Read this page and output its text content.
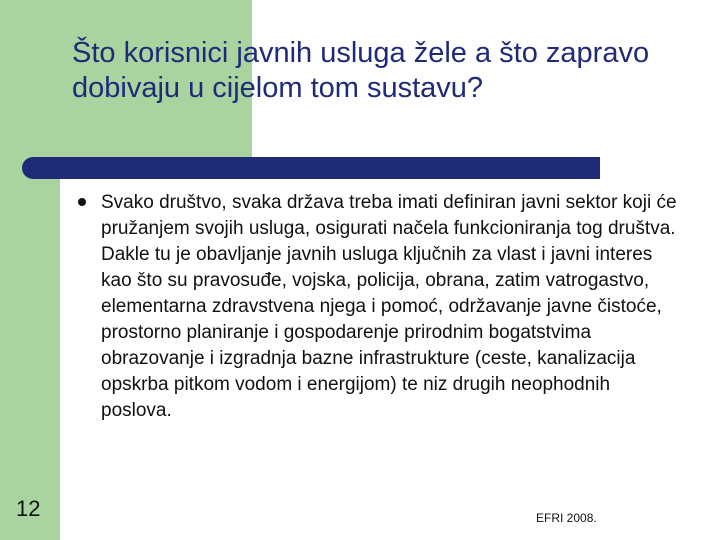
Što korisnici javnih usluga žele a što zapravo dobivaju u cijelom tom sustavu?

Svako društvo, svaka država treba imati definiran javni sektor koji će pružanjem svojih usluga, osigurati načela funkcioniranja tog društva. Dakle tu je obavljanje javnih usluga ključnih za vlast i javni interes kao što su pravosuđe, vojska, policija, obrana, zatim vatrogastvo, elementarna zdravstvena njega i pomoć, održavanje javne čistoće, prostorno planiranje i gospodarenje prirodnim bogatstvima obrazovanje i izgradnja bazne infrastrukture (ceste, kanalizacija opskrba pitkom vodom i energijom) te niz drugih neophodnih poslova.

12	EFRI 2008.
